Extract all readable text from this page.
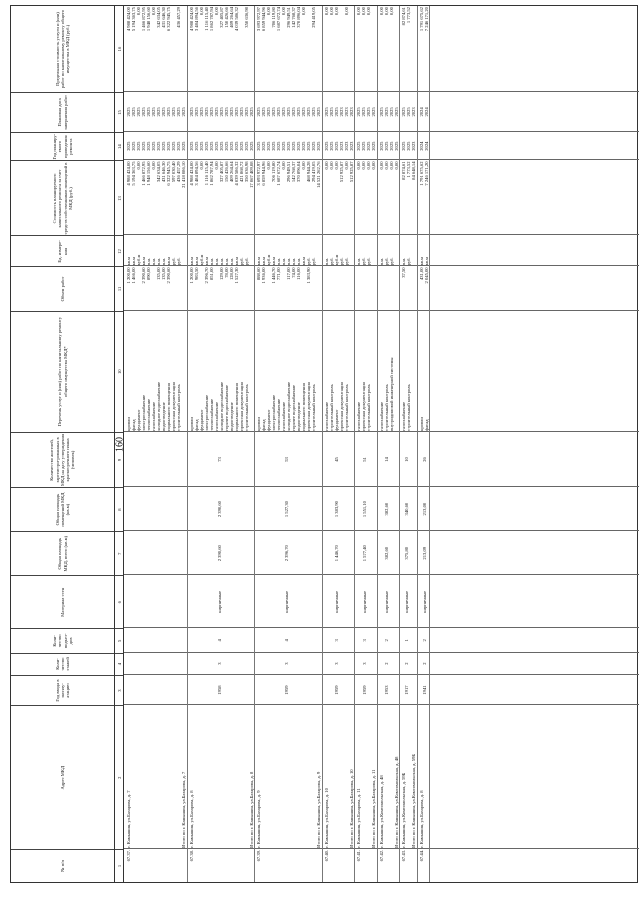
160
№ п/п
Адрес МКД
Год ввода в эксплу-атацию
Коли-чество этажей
Коли-чество подъез-дов
Материал стен
Общая площадь МКД, всего (кв.м)
Общая площадь помещений МКД (кв.м)
Количество жителей, зарегистри-рованных в МКД на дату утверждения краткосрочного плана (человек)
Перечень услуг и (или) работ по капитальному ремонту общего имущества МКД*
Объем работ
Ед. измере-ния
Стоимость планируемого капитального ремонта за счет средств собственников помещений в МКД (руб.)
Год планиру-емого проведения ремонта
Плановая дата завершения работ
Предельная стоимость услуги и (или) работ по капитальному ремонту общего имущества в МКД (руб.)
1
2
3
4
5
6
7
8
9
10
11
12
13
14
15
16
67.37.
г. Камышин, ул.Базарова, д. 7
кровли
1 200,00
кв.м
4 988 424,00
2025
2025
4 988 424,00
фасад
1 466,00
кв.м
5 194 363,75
2025
2025
5 194 363,75
фундамент
куб.м
0,00
2025
2025
0,00
электроснабжение
2 390,60
кв.м
1 466 872,95
2025
2025
1 466 872,95
теплоснабжение
890,00
п.м.
1 948 156,60
2025
2025
1 948 156,60
газоснабжение
п.м.
0,00
2025
2025
0,00
холодное водоснабжение
135,00
п.м.
342 634,05
2025
2025
342 634,05
водоотведение
135,00
п.м.
431 646,30
2025
2025
431 646,30
подвального помещения
2 390,60
кв.м
6 322 945,75
2025
2025
6 322 945,75
проектная документация
руб.
597 030,40
2025
2025
строительный контроль
руб.
436 457,29
2025
2025
436 457,29
Итого по г. Камышин, ул.Базарова, д. 7
21 418 086,10
2025
2025
67.38.
г. Камышин, ул.Базарова, д. 8
1958
3
4
кирпичные
2 390,60
2 390,60
73
кровли
1 200,00
кв.м
4 988 424,00
2025
2025
4 988 424,00
фасад
983,50
кв.м
3 484 894,56
2025
2025
3 484 894,56
фундамент
куб.м
0,00
2025
2025
0,00
электроснабжение
2 396,70
кв.м
1 116 115,40
2025
2025
1 116 115,40
теплоснабжение
851,00
п.м.
1 862 787,94
2025
2025
1 862 787,94
газоснабжение
п.м.
0,00
2025
2025
0,00
холодное водоснабжение
129,00
п.м.
327 405,87
2025
2025
327 405,87
горячее водоснабжение
78,00
п.м.
150 426,66
2025
2025
150 426,66
водоотведение
128,00
п.м.
409 264,64
2025
2025
409 264,64
подвального помещения
1 527,30
кв.м
4 039 586,32
2025
2025
4 039 586,32
проектная документация
руб.
421 868,72
2025
2025
строительный контроль
руб.
350 636,98
2025
2025
350 636,98
Итого по г. Камышин, ул.Базарова, д. 8
17 067 409,08
2025
2025
67.39.
г. Камышин, ул.Базарова, д. 9
1959
3
4
кирпичные
2 396,70
1 527,30
53
кровли
888,60
кв.м
3 693 972,97
2025
2025
3 693 972,97
фасад
1 936,00
кв.м
6 859 944,96
2025
2025
6 859 944,96
фундамент
куб.м
0,00
2025
2025
0,00
электроснабжение
1 446,70
кв.м
706 119,80
2025
2025
706 119,80
теплоснабжение
771,00
п.м.
1 687 672,74
2025
2025
1 687 672,74
газоснабжение
п.м.
0,00
2025
2025
0,00
холодное водоснабжение
117,00
п.м.
296 949,51
2025
2025
296 949,51
горячее водоснабжение
74,00
п.м.
142 768,37
2025
2025
142 768,37
водоотведение
116,00
п.м.
370 896,04
2025
2025
370 896,04
подвального помещения
кв.м
0,00
2025
2025
0,00
проектная документация
1 383,90
руб.
468 944,28
2025
2025
строительный контроль
руб.
294 419,05
2025
2025
294 419,05
Итого по г. Камышин, ул.Базарова, д. 9
14 521 262,76
2025
2025
67.40.
г. Камышин, ул.Базарова, д. 10
1959
3
3
кирпичные
1 446,70
1 383,90
45
газоснабжение
п.м.
0,00
2025
2025
0,00
строительный контроль
руб.
0,00
2025
2025
0,00
фундамент
куб.м
0,00
2025
2025
0,00
проектная документация
руб.
512 925,87
2023
2023
строительный контроль
руб.
0,00
2023
2023
0,00
Итого по г. Камышин, ул.Базарова, д. 10
512 925,87
2023
2023
67.41.
г. Камышин, ул.Базарова, д. 11
1959
3
3
кирпичные
1 577,40
1 551,10
51
газоснабжение
п.м.
0,00
2025
2025
0,00
проектная документация
руб.
0,00
2025
2025
0,00
строительный контроль
руб.
0,00
2025
2025
0,00
Итого по г. Камышин, ул.Базарова, д. 11
0,00
2025
2025
67.42.
г. Камышин, ул.Комсомольская, д. 48
1953
2
2
кирпичные
382,60
382,60
14
газоснабжение
п.м.
0,00
2025
2025
0,00
строительный контроль
руб.
0,00
2025
2025
0,00
внутридомовой инженерной системы
руб.
0,00
2025
2025
0,00
Итого по г. Камышин, ул.Комсомольская, д. 48
0,00
2025
2025
67.43.
г. Камышин, ул.Комсомольская, д. 59Б
1917
2
1
кирпичные
375,80
340,60
10
газоснабжение
37,50
п.м.
82 874,61
2025
2025
82 874,61
строительный контроль
руб.
1 773,52
2025
2025
1 773,52
Итого по г. Камышин, ул.Комсомольская, д. 59Б
84 648,14
2023
2023
67.44.
г. Камышин, ул.Базарова, д. 8
1941
2
2
кирпичные
213,09
213,00
26
кровли
431,00
кв.м
1 791 675,62
2024
2024
1 791 675,62
фасад
2 045,00
кв.м
7 246 171,20
2024
2024
7 246 171,20
